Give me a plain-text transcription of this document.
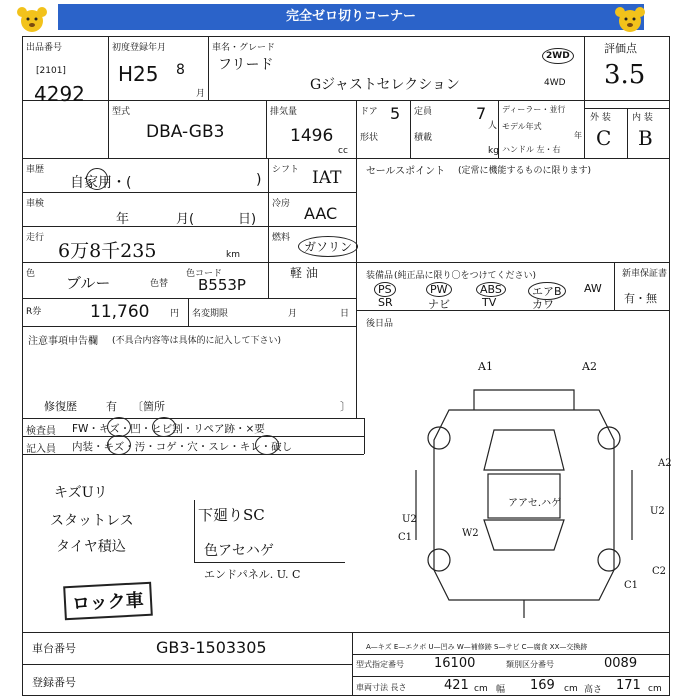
完全ゼロ切りコーナー
出品番号
[2101]
4292
初度登録年月
H25 8
月
車名・グレード
フリード
Gジャストセレクション
2WD
4WD
評価点
3.5
外 装 内 装
C B
型式
DBA-GB3
排気量
1496
cc
ドア 5 定員	7
人
形状	積載
kg
ディーラー・並行
モデル年式
年
ハンドル 左・右
車歴
自家用・(	)
シフト IAT
車検
年	月(	日)
冷房 AAC
走行
6万8千235	km
燃料
ガソリン
色 ブルー	色替
色コード
B553P
軽 油
R券	11,760 円 名変期限	月	日
注意事項申告欄 (不具合内容等は具体的に記入して下さい)
修復歴	有 〔箇所	〕
検査員 FW・キズ・凹・ヒビ割・リペア跡・×要
記入員 内装・キズ・汚・コゲ・穴・スレ・キレ・破し
キズUリ
スタットレス
タイヤ積込
下廻りSC
色アセハゲ
エンドパネル. U. C
ロック車
セールスポイント (定常に機能するものに限ります)
装備品 (純正品に限り〇をつけてください)	新車保証書
有・無
後日品
PS	PW	ABS	エアB	AW
SR	ナビ	TV	カワ
A1	A2
A2
U2
C1	W2
U2
C2
C1
アアセ.ハゲ
A—キズ E—エクボ U—凹み W—補修跡 S—サビ C—腐食 XX—交換跡
車台番号	GB3-1503305
登録番号
型式指定番号 16100	類別区分番号	0089
車両寸法 長さ	421 cm 幅 169 cm 高さ 171 cm
